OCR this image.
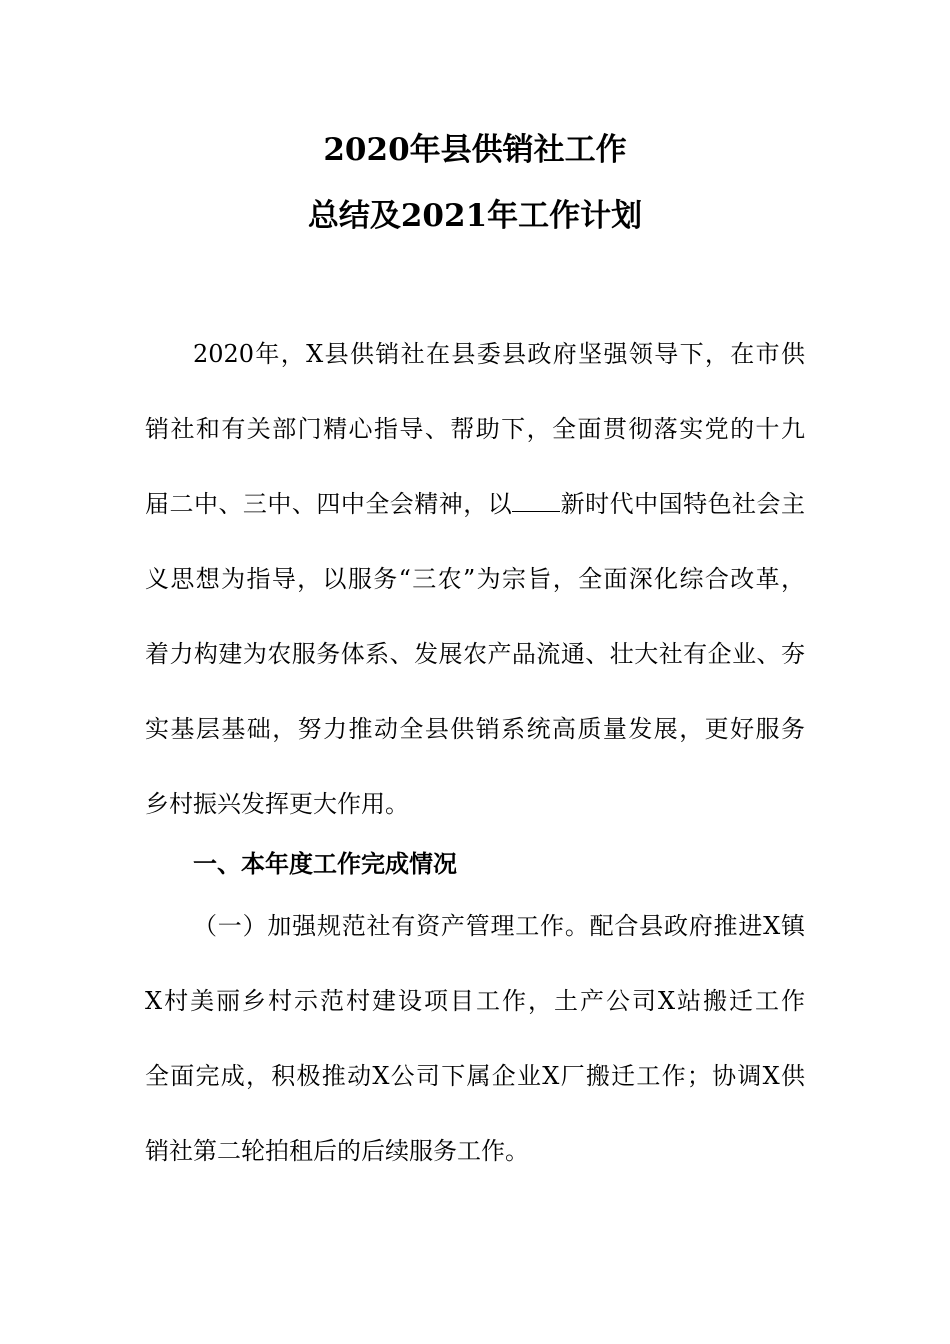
2020年县供销社工作
总结及2021年工作计划
2020年，X县供销社在县委县政府坚强领导下，在市供
销社和有关部门精心指导、帮助下，全面贯彻落实党的十九
届二中、三中、四中全会精神，以 新时代中国特色社会主
义思想为指导，以服务“三农”为宗旨，全面深化综合改革，
着力构建为农服务体系、发展农产品流通、壮大社有企业、夯
实基层基础，努力推动全县供销系统高质量发展，更好服务
乡村振兴发挥更大作用。
一、本年度工作完成情况
（一）加强规范社有资产管理工作。配合县政府推进X镇
X村美丽乡村示范村建设项目工作，土产公司X站搬迁工作
全面完成，积极推动X公司下属企业X厂搬迁工作；协调X供
销社第二轮拍租后的后续服务工作。
